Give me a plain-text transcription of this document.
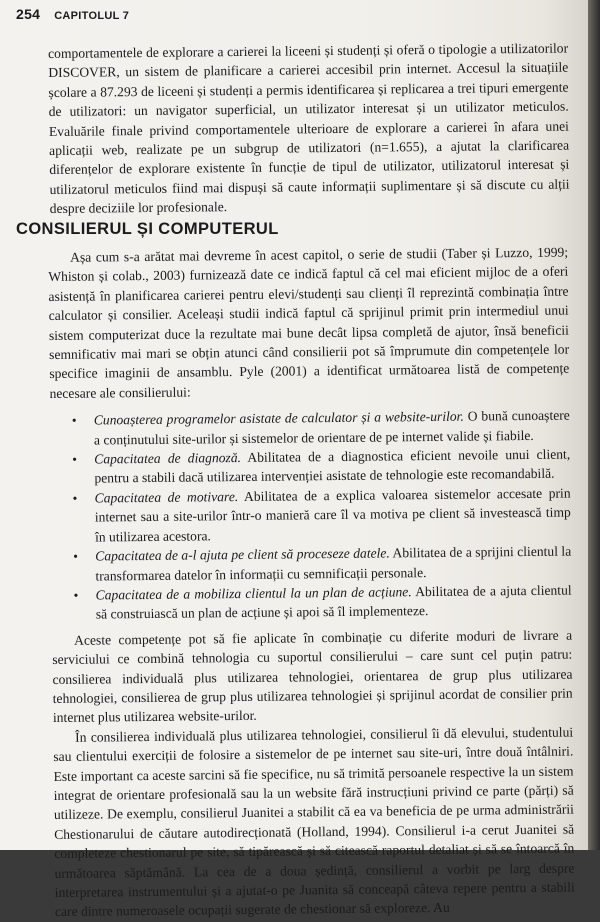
254 CAPITOLUL 7

comportamentele de explorare a carierei la liceeni și studenți și oferă o tipologie a utilizatorilor DISCOVER, un sistem de planificare a carierei accesibil prin internet. Accesul la situațiile școlare a 87.293 de liceeni și studenți a permis identificarea și replicarea a trei tipuri emergente de utilizatori: un navigator superficial, un utilizator interesat și un utilizator meticulos. Evaluările finale privind comportamentele ulterioare de explorare a carierei în afara unei aplicații web, realizate pe un subgrup de utilizatori (n=1.655), a ajutat la clarificarea diferențelor de explorare existente în funcție de tipul de utilizator, utilizatorul interesat și utilizatorul meticulos fiind mai dispuși să caute informații suplimentare și să discute cu alții despre deciziile lor profesionale.

CONSILIERUL ȘI COMPUTERUL

Așa cum s-a arătat mai devreme în acest capitol, o serie de studii (Taber și Luzzo, 1999; Whiston și colab., 2003) furnizează date ce indică faptul că cel mai eficient mijloc de a oferi asistență în planificarea carierei pentru elevi/studenți sau clienți îl reprezintă combinația între calculator și consilier. Aceleași studii indică faptul că sprijinul primit prin intermediul unui sistem computerizat duce la rezultate mai bune decât lipsa completă de ajutor, însă beneficii semnificativ mai mari se obțin atunci când consilierii pot să împrumute din competențele lor specifice imaginii de ansamblu. Pyle (2001) a identificat următoarea listă de competențe necesare ale consilierului:

• Cunoașterea programelor asistate de calculator și a website-urilor. O bună cunoaștere a conținutului site-urilor și sistemelor de orientare de pe internet valide și fiabile.
• Capacitatea de diagnoză. Abilitatea de a diagnostica eficient nevoile unui client, pentru a stabili dacă utilizarea intervenției asistate de tehnologie este recomandabilă.
• Capacitatea de motivare. Abilitatea de a explica valoarea sistemelor accesate prin internet sau a site-urilor într-o manieră care îl va motiva pe client să investească timp în utilizarea acestora.
• Capacitatea de a-l ajuta pe client să proceseze datele. Abilitatea de a sprijini clientul la transformarea datelor în informații cu semnificații personale.
• Capacitatea de a mobiliza clientul la un plan de acțiune. Abilitatea de a ajuta clientul să construiască un plan de acțiune și apoi să îl implementeze.

Aceste competențe pot să fie aplicate în combinație cu diferite moduri de livrare a serviciului ce combină tehnologia cu suportul consilierului – care sunt cel puțin patru: consilierea individuală plus utilizarea tehnologiei, orientarea de grup plus utilizarea tehnologiei, consilierea de grup plus utilizarea tehnologiei și sprijinul acordat de consilier prin internet plus utilizarea website-urilor.

În consilierea individuală plus utilizarea tehnologiei, consilierul îi dă elevului, studentului sau clientului exerciții de folosire a sistemelor de pe internet sau site-uri, între două întâlniri. Este important ca aceste sarcini să fie specifice, nu să trimită persoanele respective la un sistem integrat de orientare profesională sau la un website fără instrucțiuni privind ce parte (părți) să utilizeze. De exemplu, consilierul Juanitei a stabilit că ea va beneficia de pe urma administrării Chestionarului de căutare autodirecționată (Holland, 1994). Consilierul i-a cerut Juanitei să completeze chestionarul pe site, să tipărească și să citească raportul detaliat și să se întoarcă în următoarea săptămână. La cea de a doua ședință, consilierul a vorbit pe larg despre interpretarea instrumentului și a ajutat-o pe Juanita să conceapă câteva repere pentru a stabili care dintre numeroasele ocupații sugerate de chestionar să exploreze. Au
